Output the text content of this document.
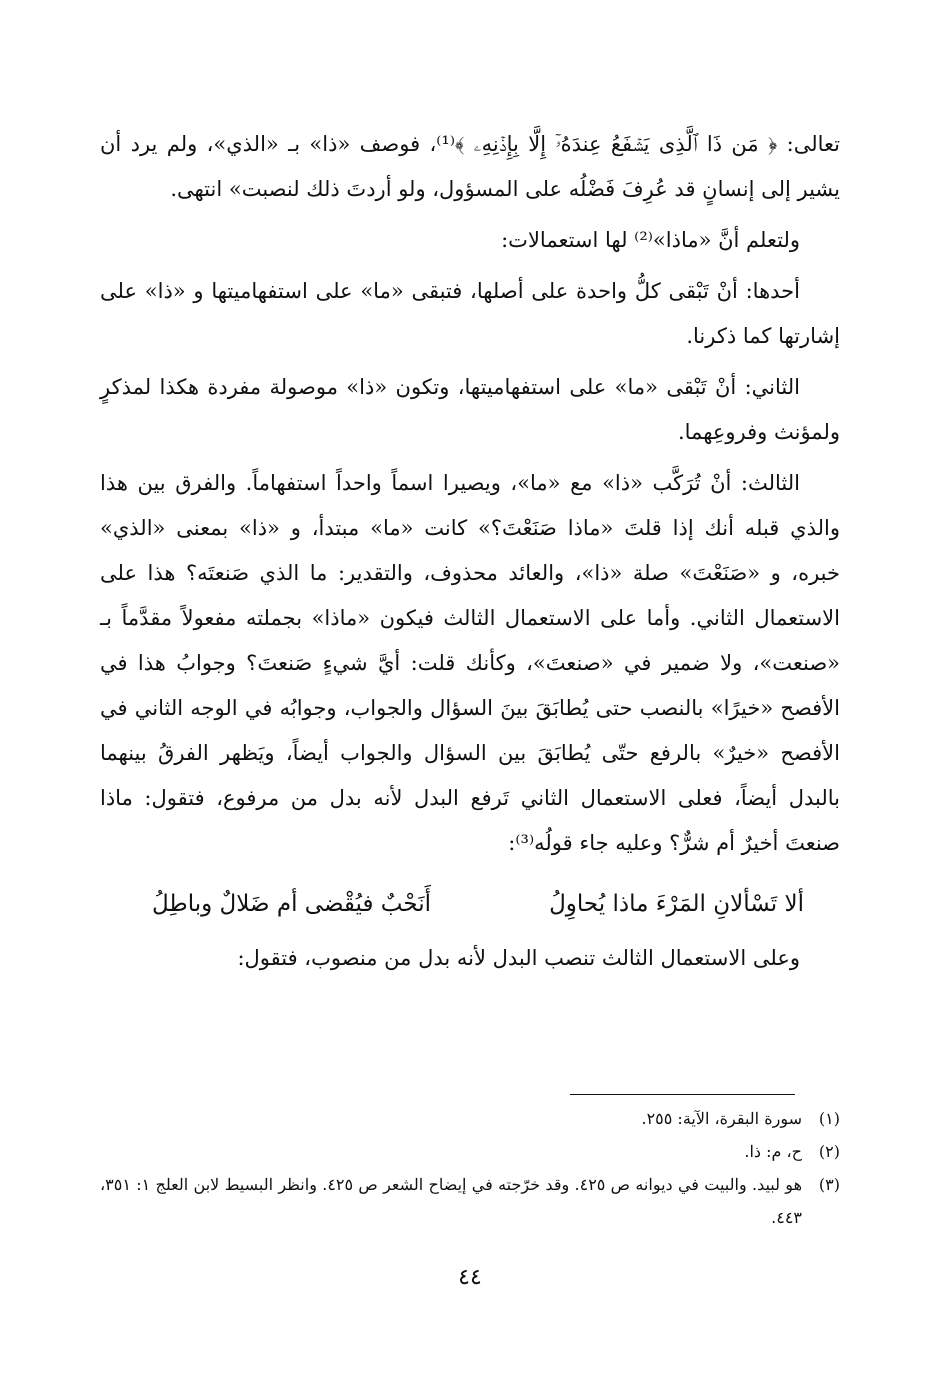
تعالى: ﴿ مَن ذَا ٱلَّذِى يَشۡفَعُ عِندَهُۥٓ إِلَّا بِإِذۡنِهِۦ ﴾⁽¹⁾، فوصف «ذا» بـ «الذي»، ولم يرد أن يشير إلى إنسانٍ قد عُرِفَ فَضْلُه على المسؤول، ولو أردتَ ذلك لنصبت» انتهى.

ولتعلم أنَّ «ماذا»⁽²⁾ لها استعمالات:

أحدها: أنْ تَبْقى كلُّ واحدة على أصلها، فتبقى «ما» على استفهاميتها و «ذا» على إشارتها كما ذكرنا.

الثاني: أنْ تَبْقى «ما» على استفهاميتها، وتكون «ذا» موصولة مفردة هكذا لمذكرٍ ولمؤنث وفروعِهما.

الثالث: أنْ تُرَكَّب «ذا» مع «ما»، ويصيرا اسماً واحداً استفهاماً. والفرق بين هذا والذي قبله أنك إذا قلتَ «ماذا صَنَعْتَ؟» كانت «ما» مبتدأ، و «ذا» بمعنى «الذي» خبره، و «صَنَعْتَ» صلة «ذا»، والعائد محذوف، والتقدير: ما الذي صَنعتَه؟ هذا على الاستعمال الثاني. وأما على الاستعمال الثالث فيكون «ماذا» بجملته مفعولاً مقدَّماً بـ «صنعت»، ولا ضمير في «صنعتَ»، وكأنك قلت: أيَّ شيءٍ صَنعتَ؟ وجوابُ هذا في الأفصح «خيرًا» بالنصب حتى يُطابَقَ بينَ السؤال والجواب، وجوابُه في الوجه الثاني في الأفصح «خيرٌ» بالرفع حتّى يُطابَقَ بين السؤال والجواب أيضاً، ويَظهر الفرقُ بينهما بالبدل أيضاً، فعلى الاستعمال الثاني تَرفع البدل لأنه بدل من مرفوع، فتقول: ماذا صنعتَ أخيرٌ أم شرٌّ؟ وعليه جاء قولُه⁽³⁾:

ألا تَسْألانِ المَرْءَ ماذا يُحاوِلُ
أَنَحْبٌ فيُقْضى أم ضَلالٌ وباطِلُ

وعلى الاستعمال الثالث تنصب البدل لأنه بدل من منصوب، فتقول:

(١)
سورة البقرة، الآية: ٢٥٥.
(٢)
ح، م: ذا.
(٣)
هو لبيد. والبيت في ديوانه ص ٤٢٥. وقد خرّجته في إيضاح الشعر ص ٤٢٥. وانظر البسيط لابن العلج ١: ٣٥١، ٤٤٣.
٤٤
